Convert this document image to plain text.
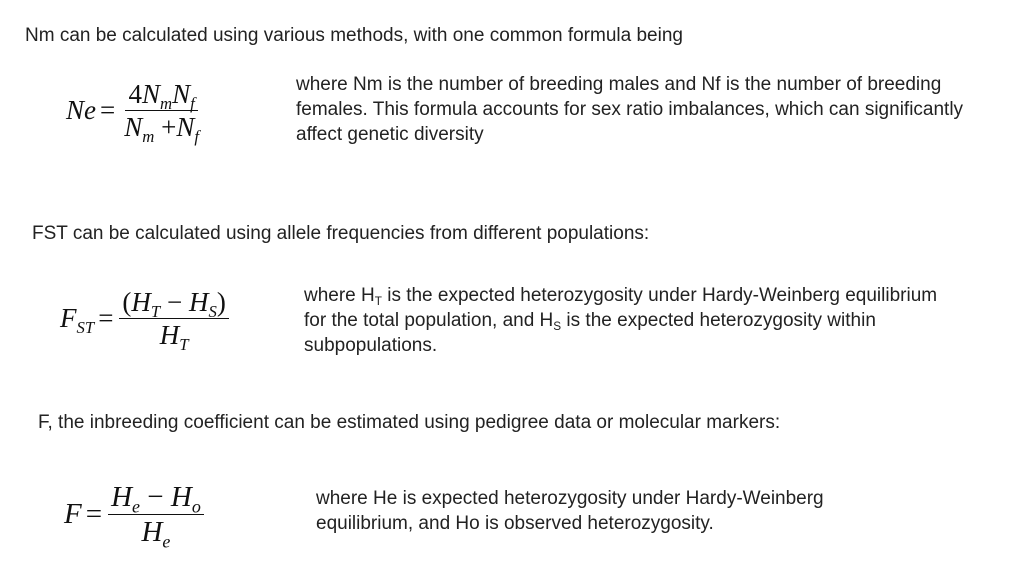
Nm can be calculated using various methods, with one common formula being
$Ne = \frac{4N_mN_f}{N_m +N_f}$	where Nm is the number of breeding males and Nf is the number of breeding females. This formula accounts for sex ratio imbalances, which can significantly affect genetic diversity
FST can be calculated using allele frequencies from different populations:
$F_{ST} = \frac{(H_T - H_S)}{H_T}$	where $H_T$ is the expected heterozygosity under Hardy-Weinberg equilibrium for the total population, and $H_S$ is the expected heterozygosity within subpopulations.
F, the inbreeding coefficient can be estimated using pedigree data or molecular markers:
$F = \frac{H_e - H_o}{H_e}$	where He is expected heterozygosity under Hardy-Weinberg equilibrium, and Ho is observed heterozygosity.
